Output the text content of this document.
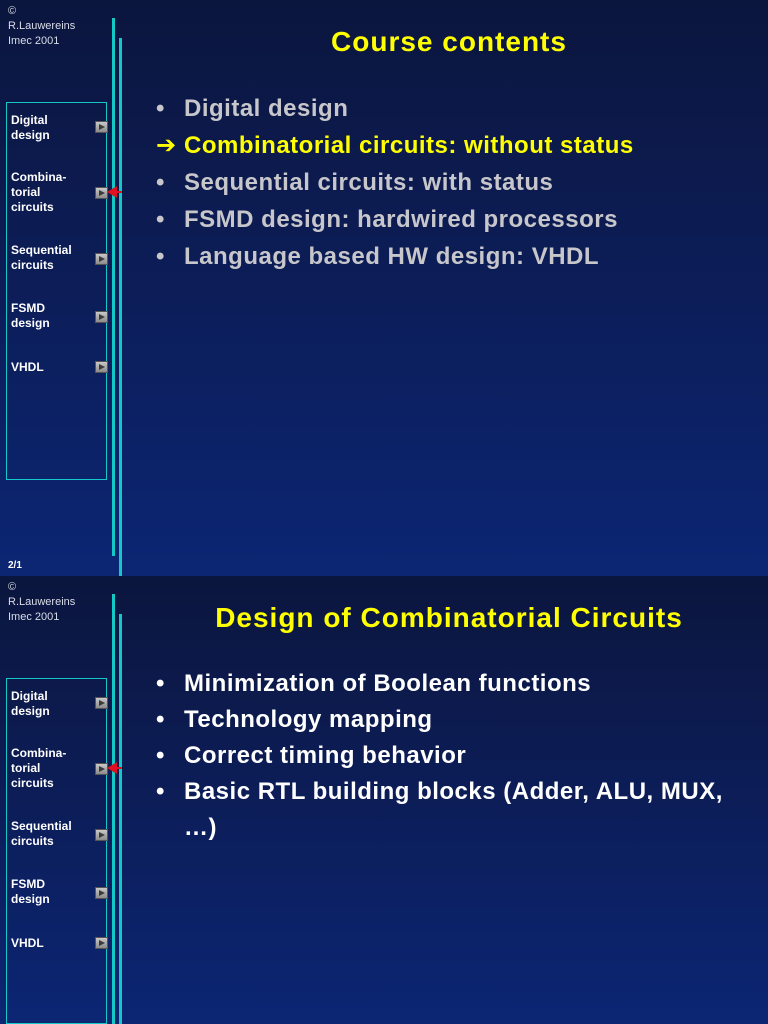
©
R.Lauwereins
Imec 2001
Digital
design
Combina-
torial
circuits
Sequential
circuits
FSMD
design
VHDL
2/1
Course contents
• Digital design
➔ Combinatorial circuits: without status
• Sequential circuits: with status
• FSMD design: hardwired processors
• Language based HW design: VHDL
©
R.Lauwereins
Imec 2001
Digital
design
Combina-
torial
circuits
Sequential
circuits
FSMD
design
VHDL
Design of Combinatorial Circuits
• Minimization of Boolean functions
• Technology mapping
• Correct timing behavior
• Basic RTL building blocks (Adder, ALU, MUX, …)
